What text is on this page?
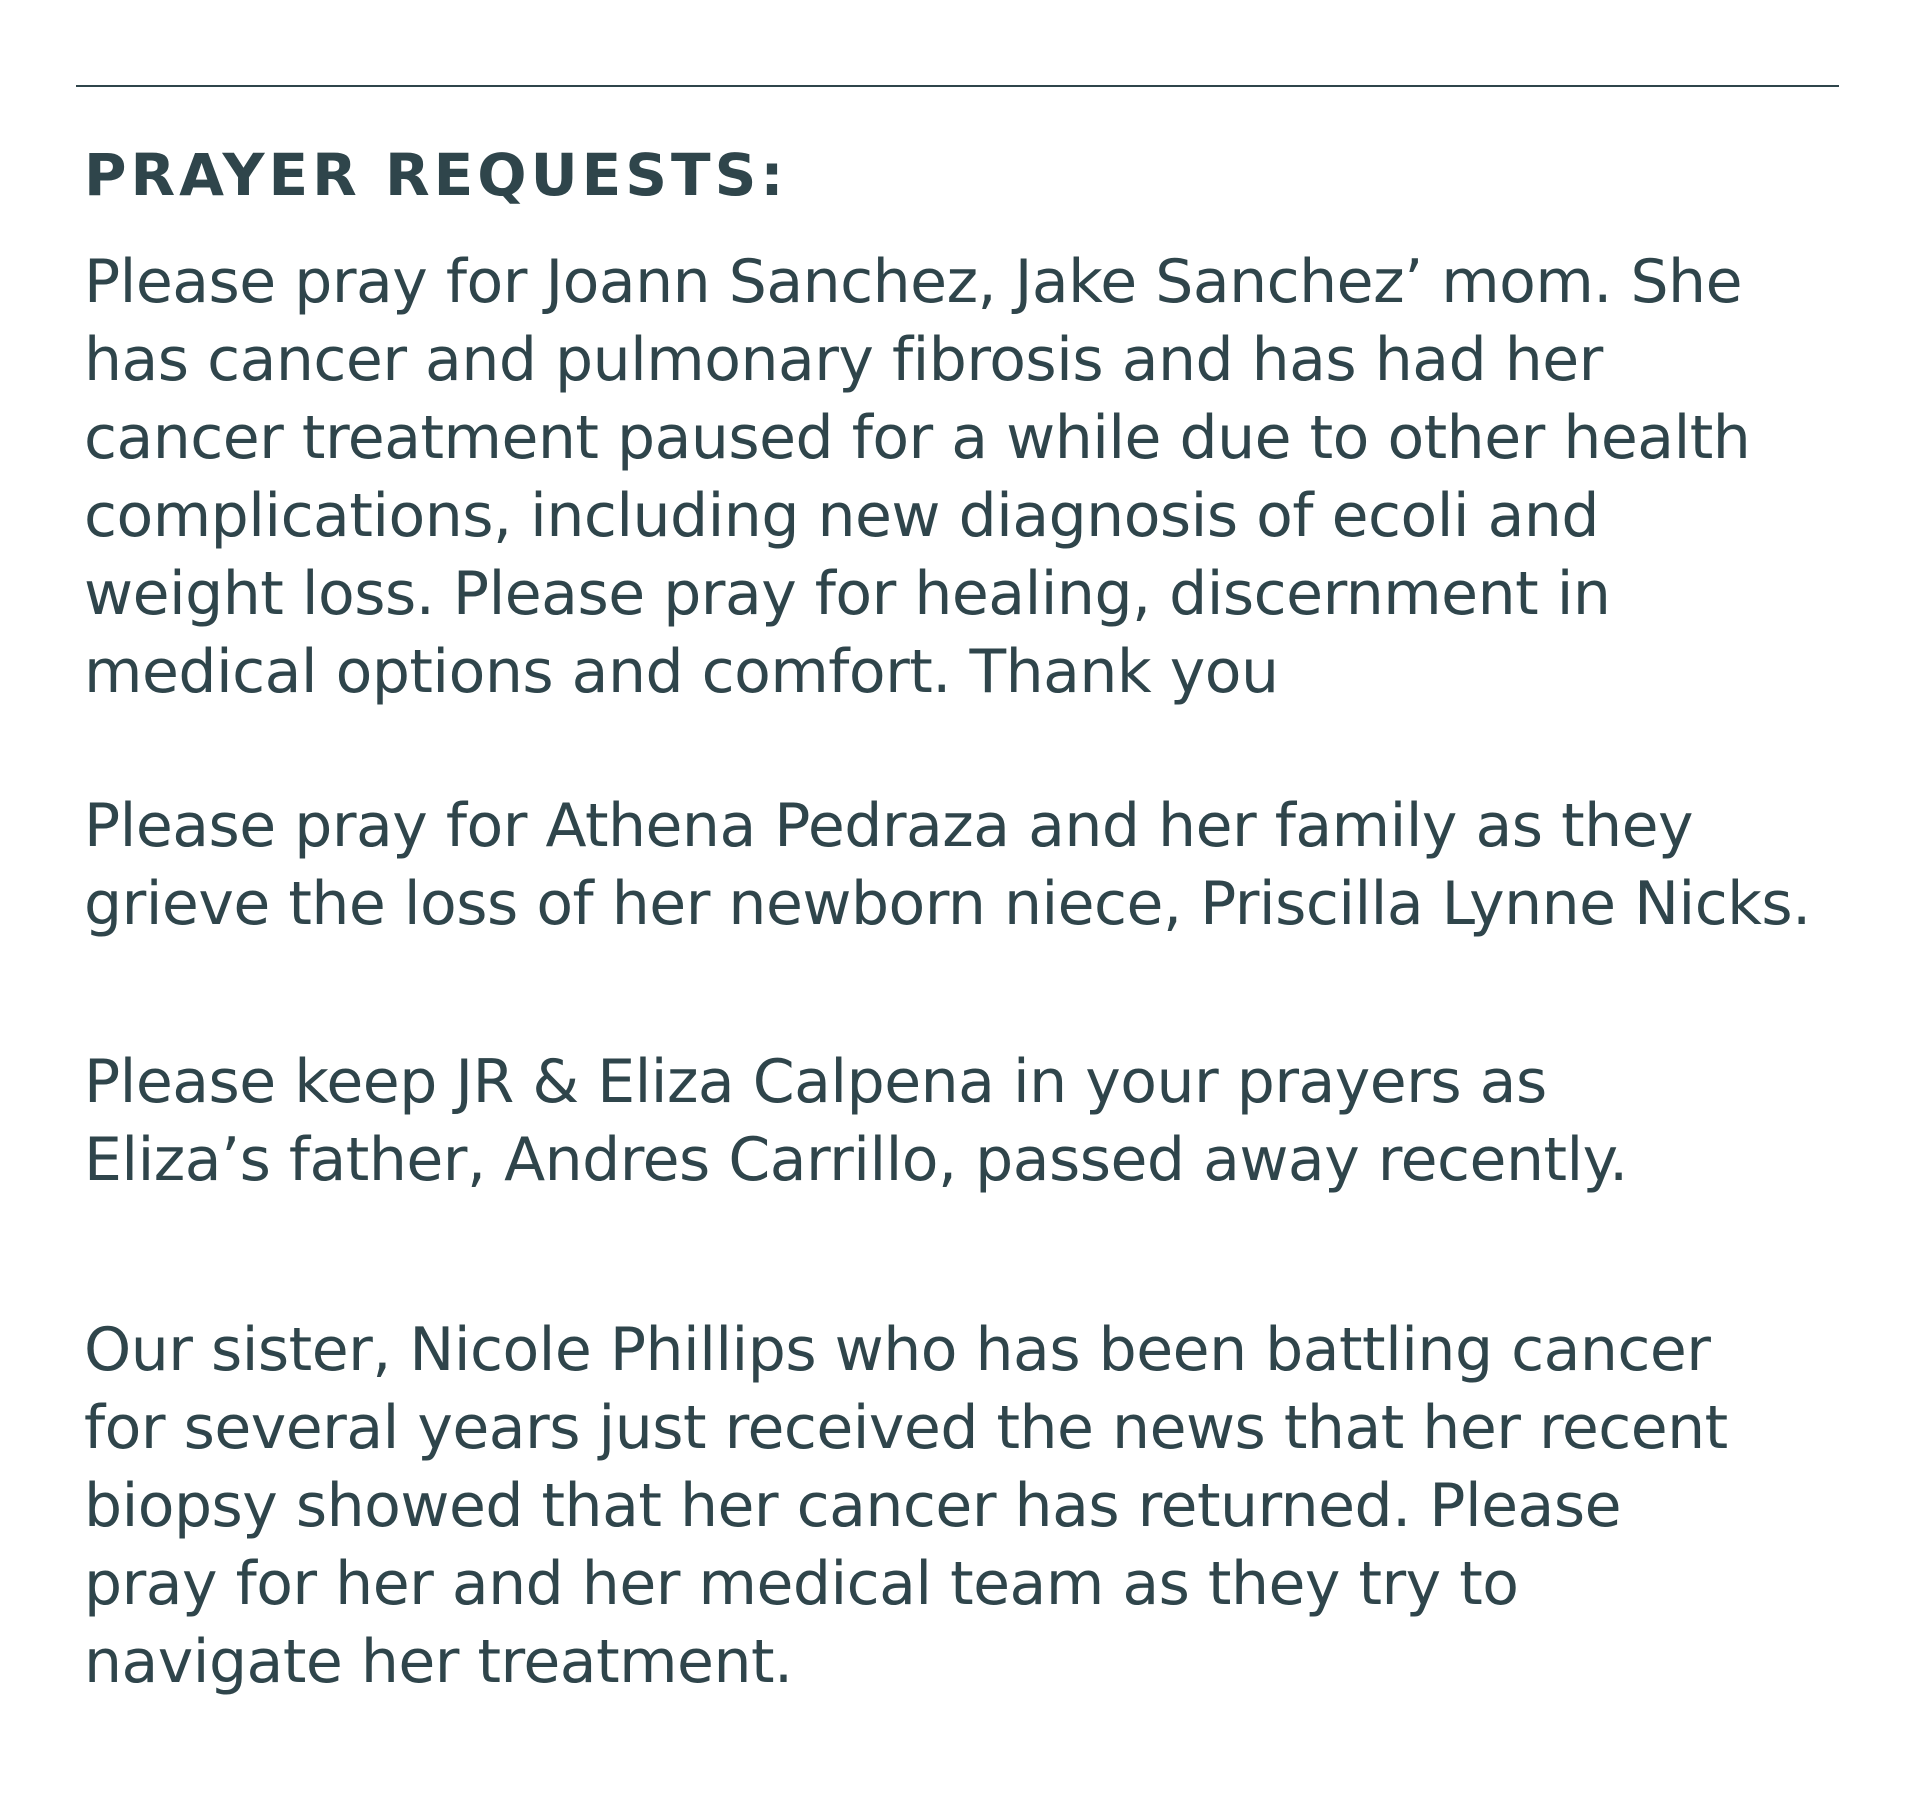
PRAYER REQUESTS:

Please pray for Joann Sanchez, Jake Sanchez’ mom. She

has cancer and pulmonary fibrosis and has had her

cancer treatment paused for a while due to other health

complications, including new diagnosis of ecoli and

weight loss. Please pray for healing, discernment in

medical options and comfort. Thank you

Please pray for Athena Pedraza and her family as they

grieve the loss of her newborn niece, Priscilla Lynne Nicks.

Please keep JR & Eliza Calpena in your prayers as

Eliza’s father, Andres Carrillo, passed away recently.

Our sister, Nicole Phillips who has been battling cancer

for several years just received the news that her recent

biopsy showed that her cancer has returned. Please

pray for her and her medical team as they try to

navigate her treatment.
